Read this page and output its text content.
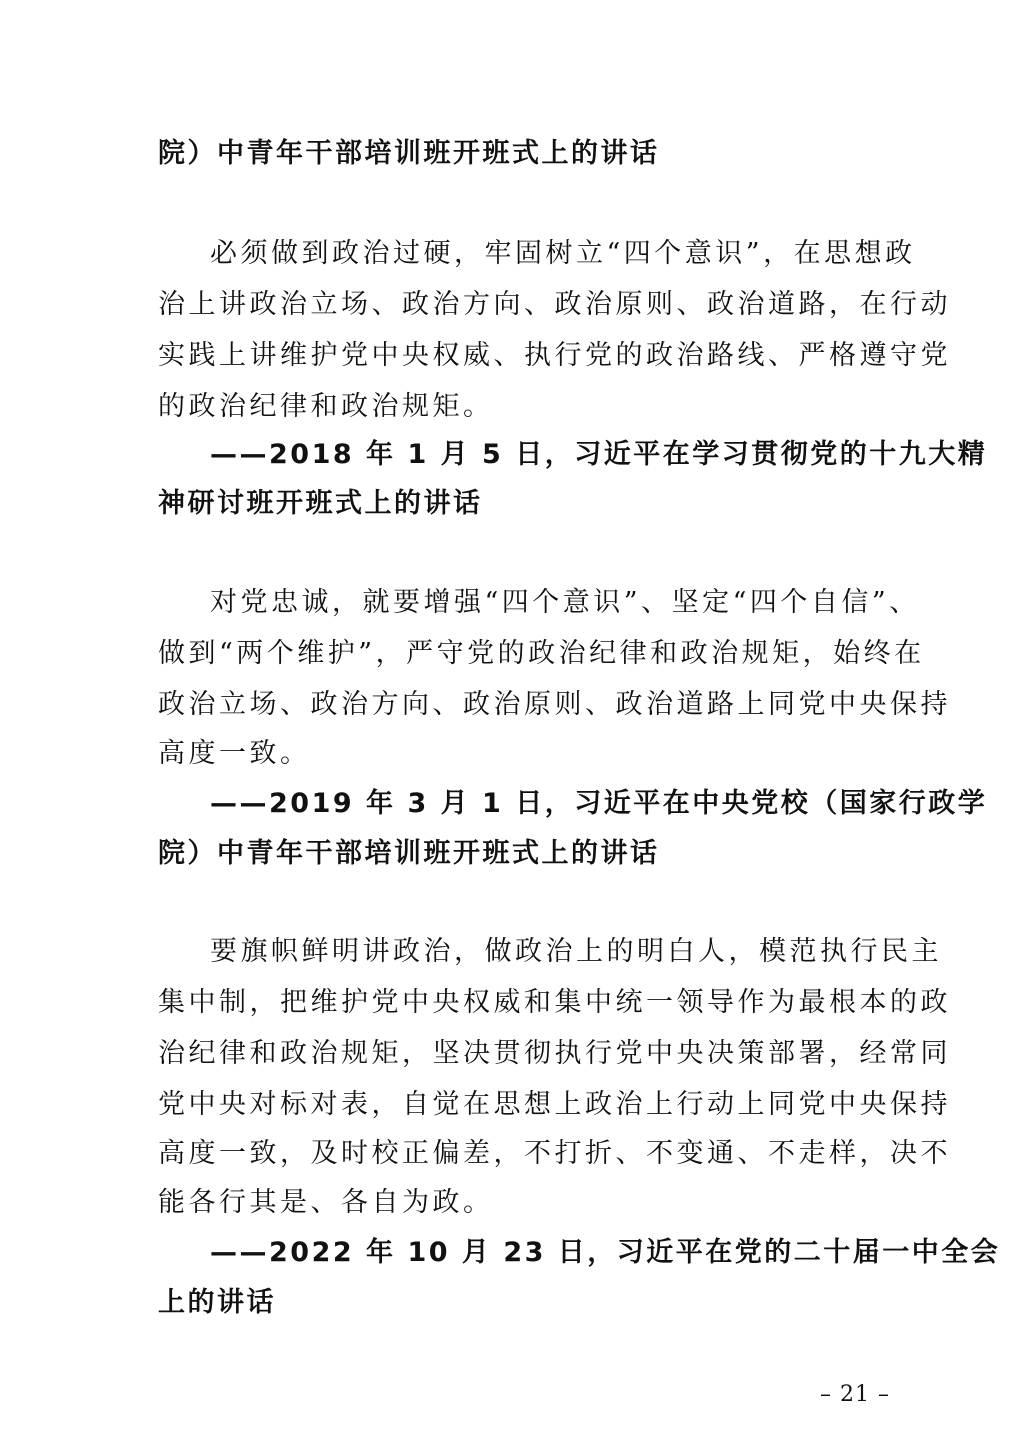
院）中青年干部培训班开班式上的讲话
必须做到政治过硬，牢固树立“四个意识”，在思想政
治上讲政治立场、政治方向、政治原则、政治道路，在行动
实践上讲维护党中央权威、执行党的政治路线、严格遵守党
的政治纪律和政治规矩。
——2018 年 1 月 5 日，习近平在学习贯彻党的十九大精
神研讨班开班式上的讲话
对党忠诚，就要增强“四个意识”、坚定“四个自信”、
做到“两个维护”，严守党的政治纪律和政治规矩，始终在
政治立场、政治方向、政治原则、政治道路上同党中央保持
高度一致。
——2019 年 3 月 1 日，习近平在中央党校（国家行政学
院）中青年干部培训班开班式上的讲话
要旗帜鲜明讲政治，做政治上的明白人，模范执行民主
集中制，把维护党中央权威和集中统一领导作为最根本的政
治纪律和政治规矩，坚决贯彻执行党中央决策部署，经常同
党中央对标对表，自觉在思想上政治上行动上同党中央保持
高度一致，及时校正偏差，不打折、不变通、不走样，决不
能各行其是、各自为政。
——2022 年 10 月 23 日，习近平在党的二十届一中全会
上的讲话
– 21 –
